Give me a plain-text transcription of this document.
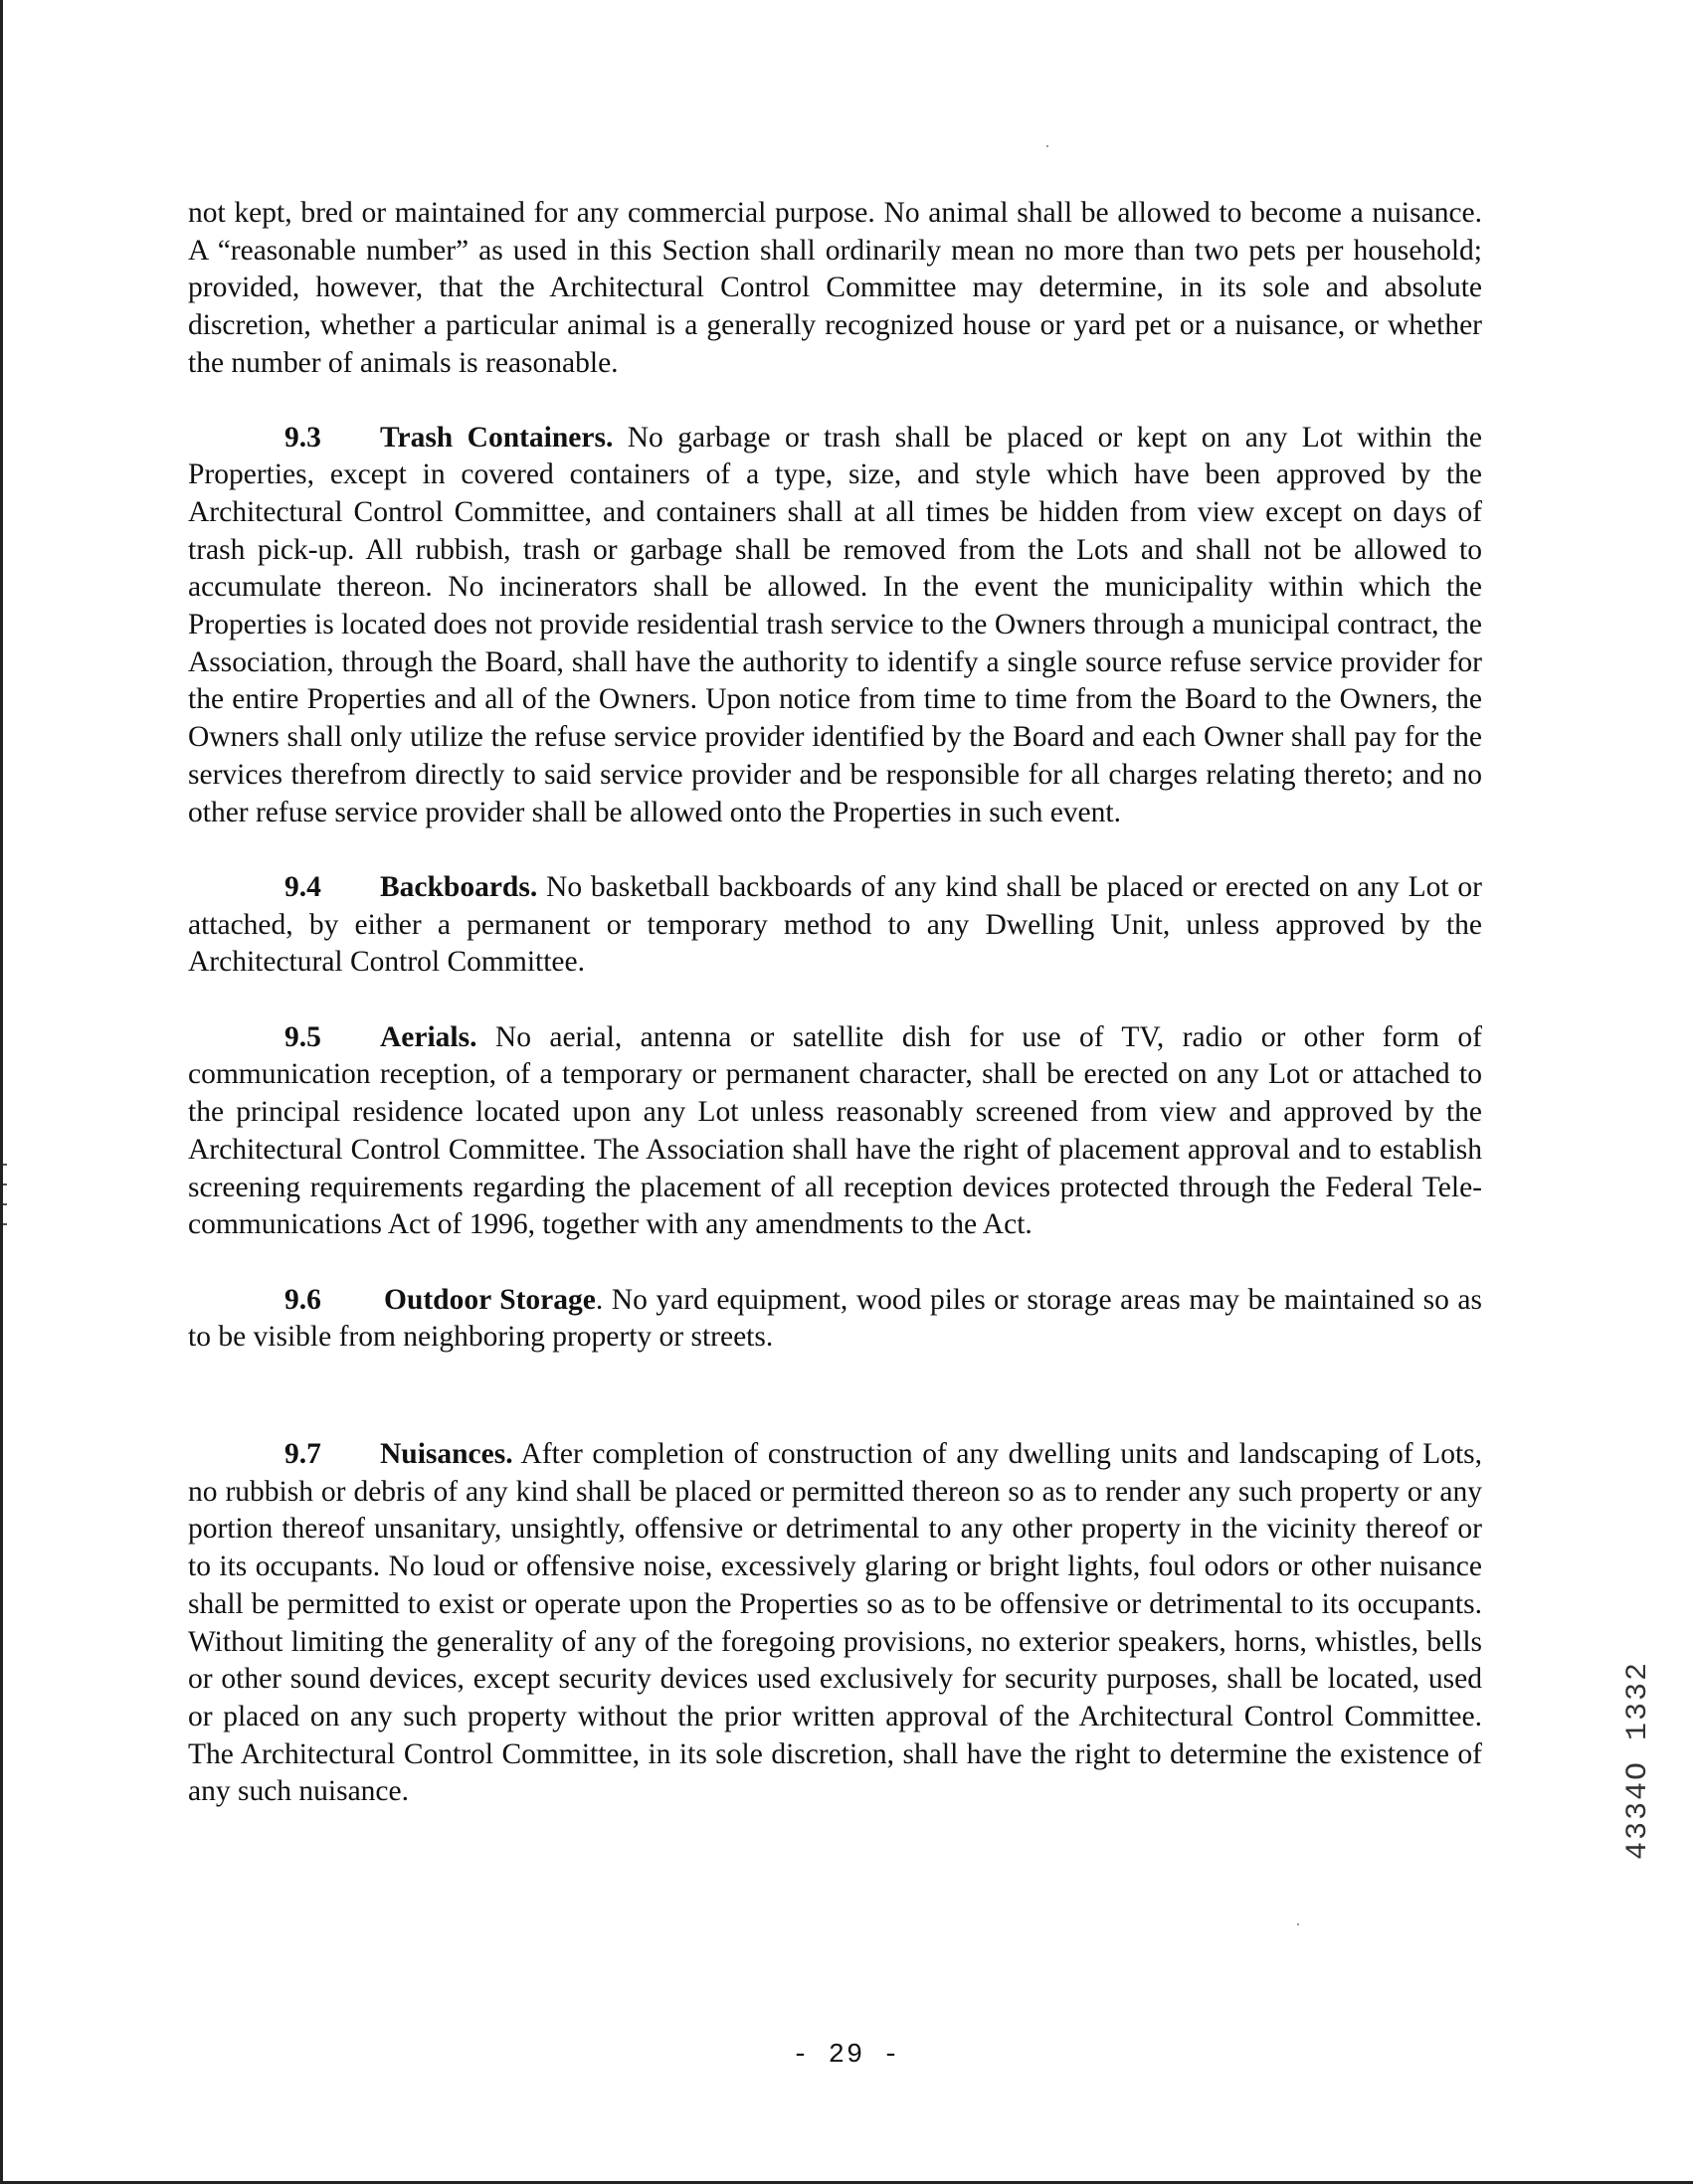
not kept, bred or maintained for any commercial purpose. No animal shall be allowed to become a nuisance. A “reasonable number” as used in this Section shall ordinarily mean no more than two pets per household; provided, however, that the Architectural Control Committee may determine, in its sole and absolute discretion, whether a particular animal is a generally recognized house or yard pet or a nuisance, or whether the number of animals is reasonable.

9.3 Trash Containers. No garbage or trash shall be placed or kept on any Lot within the Properties, except in covered containers of a type, size, and style which have been approved by the Architectural Control Committee, and containers shall at all times be hidden from view except on days of trash pick-up. All rubbish, trash or garbage shall be removed from the Lots and shall not be allowed to accumulate thereon. No incinerators shall be allowed. In the event the municipality within which the Properties is located does not provide residential trash service to the Owners through a municipal contract, the Association, through the Board, shall have the authority to identify a single source refuse service provider for the entire Properties and all of the Owners. Upon notice from time to time from the Board to the Owners, the Owners shall only utilize the refuse service provider identified by the Board and each Owner shall pay for the services therefrom directly to said service provider and be responsible for all charges relating thereto; and no other refuse service provider shall be allowed onto the Properties in such event.

9.4 Backboards. No basketball backboards of any kind shall be placed or erected on any Lot or attached, by either a permanent or temporary method to any Dwelling Unit, unless approved by the Architectural Control Committee.

9.5 Aerials. No aerial, antenna or satellite dish for use of TV, radio or other form of communication reception, of a temporary or permanent character, shall be erected on any Lot or attached to the principal residence located upon any Lot unless reasonably screened from view and approved by the Architectural Control Committee. The Association shall have the right of placement approval and to establish screening requirements regarding the placement of all reception devices protected through the Federal Tele-communications Act of 1996, together with any amendments to the Act.

9.6 Outdoor Storage. No yard equipment, wood piles or storage areas may be maintained so as to be visible from neighboring property or streets.

9.7 Nuisances. After completion of construction of any dwelling units and landscaping of Lots, no rubbish or debris of any kind shall be placed or permitted thereon so as to render any such property or any portion thereof unsanitary, unsightly, offensive or detrimental to any other property in the vicinity thereof or to its occupants. No loud or offensive noise, excessively glaring or bright lights, foul odors or other nuisance shall be permitted to exist or operate upon the Properties so as to be offensive or detrimental to its occupants. Without limiting the generality of any of the foregoing provisions, no exterior speakers, horns, whistles, bells or other sound devices, except security devices used exclusively for security purposes, shall be located, used or placed on any such property without the prior written approval of the Architectural Control Committee. The Architectural Control Committee, in its sole discretion, shall have the right to determine the existence of any such nuisance.	4334O 1332
- 29 -
